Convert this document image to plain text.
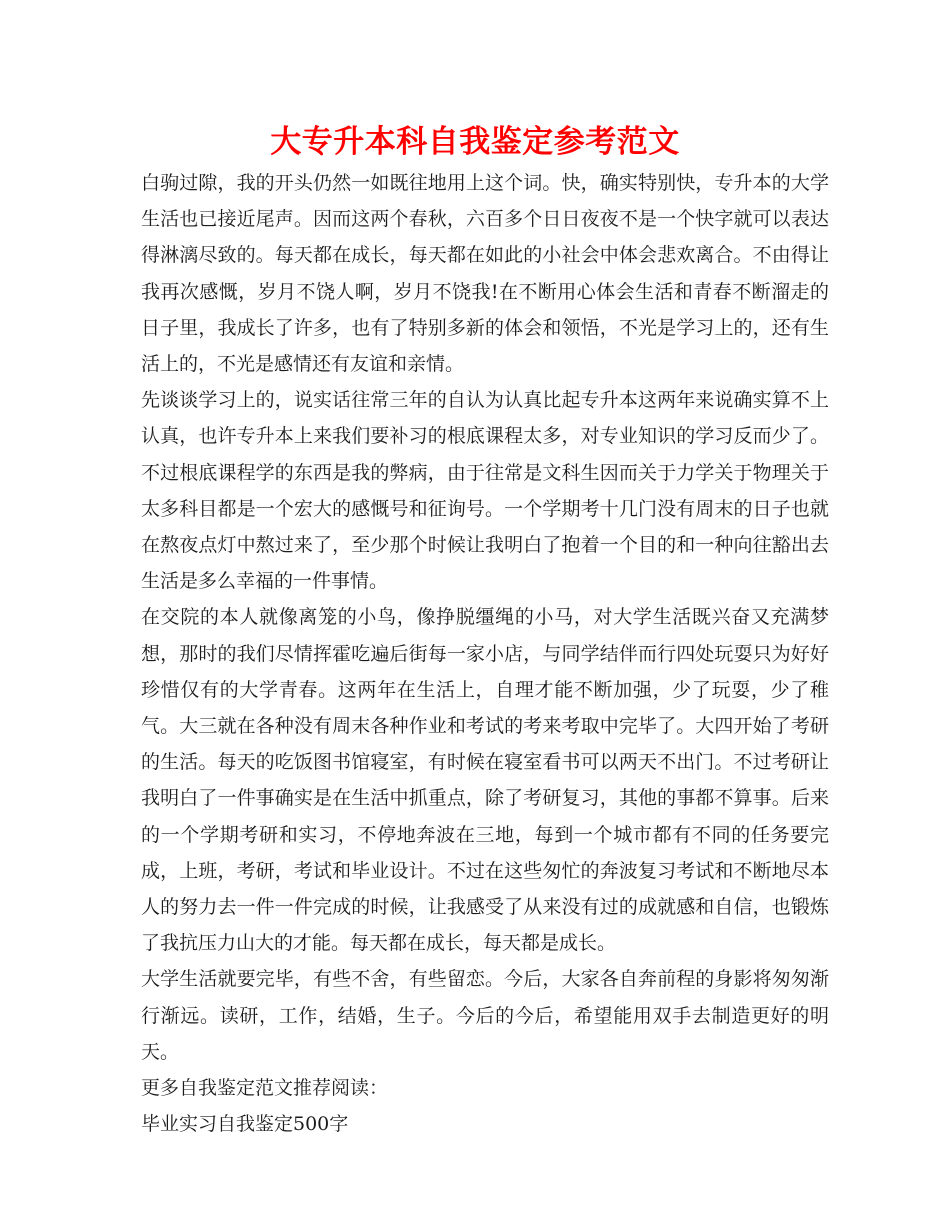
大专升本科自我鉴定参考范文

白驹过隙，我的开头仍然一如既往地用上这个词。快，确实特别快，专升本的大学生活也已接近尾声。因而这两个春秋，六百多个日日夜夜不是一个快字就可以表达得淋漓尽致的。每天都在成长，每天都在如此的小社会中体会悲欢离合。不由得让我再次感慨，岁月不饶人啊，岁月不饶我!在不断用心体会生活和青春不断溜走的日子里，我成长了许多，也有了特别多新的体会和领悟，不光是学习上的，还有生活上的，不光是感情还有友谊和亲情。

先谈谈学习上的，说实话往常三年的自认为认真比起专升本这两年来说确实算不上认真，也许专升本上来我们要补习的根底课程太多，对专业知识的学习反而少了。不过根底课程学的东西是我的弊病，由于往常是文科生因而关于力学关于物理关于太多科目都是一个宏大的感慨号和征询号。一个学期考十几门没有周末的日子也就在熬夜点灯中熬过来了，至少那个时候让我明白了抱着一个目的和一种向往豁出去生活是多么幸福的一件事情。

在交院的本人就像离笼的小鸟，像挣脱缰绳的小马，对大学生活既兴奋又充满梦想，那时的我们尽情挥霍吃遍后街每一家小店，与同学结伴而行四处玩耍只为好好珍惜仅有的大学青春。这两年在生活上，自理才能不断加强，少了玩耍，少了稚气。大三就在各种没有周末各种作业和考试的考来考取中完毕了。大四开始了考研的生活。每天的吃饭图书馆寝室，有时候在寝室看书可以两天不出门。不过考研让我明白了一件事确实是在生活中抓重点，除了考研复习，其他的事都不算事。后来的一个学期考研和实习，不停地奔波在三地，每到一个城市都有不同的任务要完成，上班，考研，考试和毕业设计。不过在这些匆忙的奔波复习考试和不断地尽本人的努力去一件一件完成的时候，让我感受了从来没有过的成就感和自信，也锻炼了我抗压力山大的才能。每天都在成长，每天都是成长。

大学生活就要完毕，有些不舍，有些留恋。今后，大家各自奔前程的身影将匆匆渐行渐远。读研，工作，结婚，生子。今后的今后，希望能用双手去制造更好的明天。

更多自我鉴定范文推荐阅读：

毕业实习自我鉴定500字
